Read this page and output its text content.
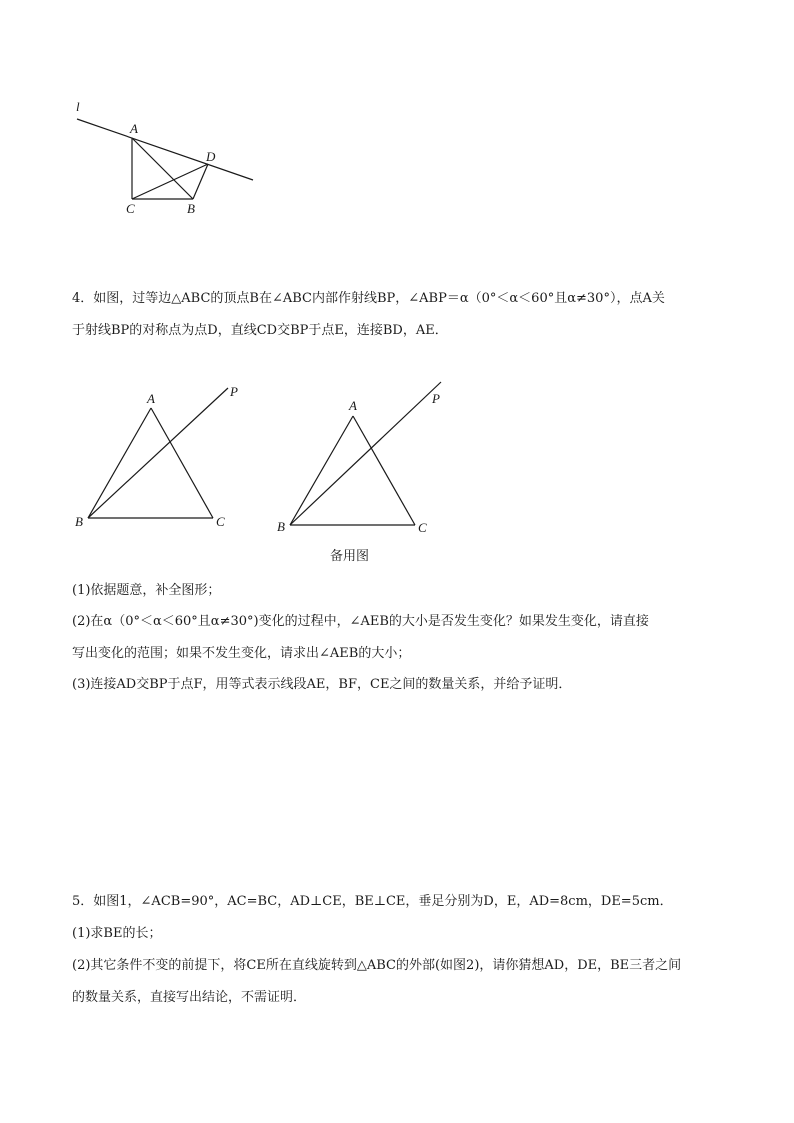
l
A
D
C	B
4．如图，过等边△ABC的顶点B在∠ABC内部作射线BP，∠ABP＝α（0°＜α＜60°且α≠30°），点A关
于射线BP的对称点为点D，直线CD交BP于点E，连接BD，AE．
A	P
B	C
A	P
B	C
备用图
(1)依据题意，补全图形；
(2)在α（0°＜α＜60°且α≠30°)变化的过程中，∠AEB的大小是否发生变化？如果发生变化，请直接
写出变化的范围；如果不发生变化，请求出∠AEB的大小；
(3)连接AD交BP于点F，用等式表示线段AE，BF，CE之间的数量关系，并给予证明．
5．如图1，∠ACB=90°，AC=BC，AD⊥CE，BE⊥CE，垂足分别为D，E，AD=8cm，DE=5cm．
(1)求BE的长；
(2)其它条件不变的前提下，将CE所在直线旋转到△ABC的外部(如图2)，请你猜想AD，DE，BE三者之间
的数量关系，直接写出结论，不需证明．
